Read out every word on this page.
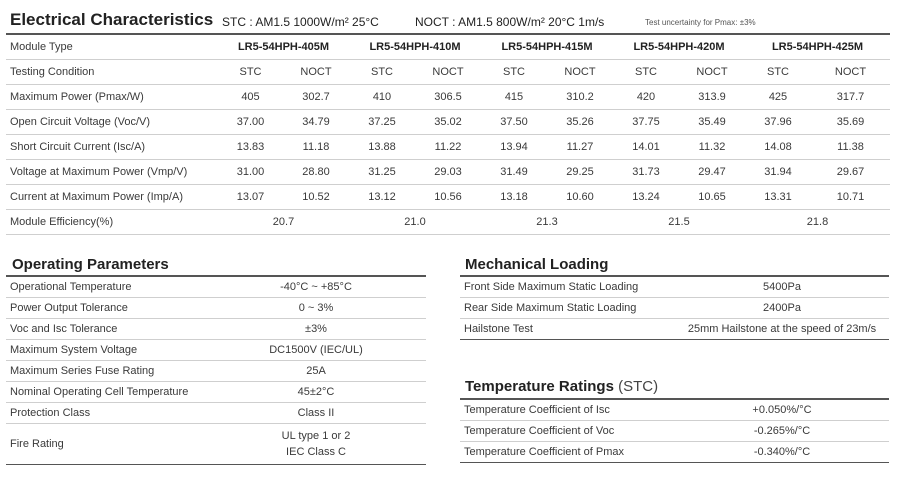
Electrical Characteristics STC : AM1.5 1000W/m² 25°C	NOCT : AM1.5 800W/m² 20°C 1m/s	Test uncertainty for Pmax: ±3%
Module Type	LR5-54HPH-405M		LR5-54HPH-410M		LR5-54HPH-415M		LR5-54HPH-420M		LR5-54HPH-425M	
Testing Condition	STC	NOCT	STC	NOCT	STC	NOCT	STC	NOCT	STC	NOCT
Maximum Power (Pmax/W)	405	302.7	410	306.5	415	310.2	420	313.9	425	317.7
Open Circuit Voltage (Voc/V)	37.00	34.79	37.25	35.02	37.50	35.26	37.75	35.49	37.96	35.69
Short Circuit Current (Isc/A)	13.83	11.18	13.88	11.22	13.94	11.27	14.01	11.32	14.08	11.38
Voltage at Maximum Power (Vmp/V)	31.00	28.80	31.25	29.03	31.49	29.25	31.73	29.47	31.94	29.67
Current at Maximum Power (Imp/A)	13.07	10.52	13.12	10.56	13.18	10.60	13.24	10.65	13.31	10.71
Module Efficiency(%)	20.7		21.0		21.3		21.5		21.8	
Operating Parameters
Operational Temperature	-40°C ~ +85°C
Power Output Tolerance	0 ~ 3%
Voc and Isc Tolerance	±3%
Maximum System Voltage	DC1500V (IEC/UL)
Maximum Series Fuse Rating	25A
Nominal Operating Cell Temperature	45±2°C
Protection Class	Class II
Fire Rating	UL type 1 or 2
IEC Class C
Mechanical Loading
Front Side Maximum Static Loading	5400Pa
Rear Side Maximum Static Loading	2400Pa
Hailstone Test	25mm Hailstone at the speed of 23m/s
Temperature Ratings (STC)
Temperature Coefficient of Isc	+0.050%/°C
Temperature Coefficient of Voc	-0.265%/°C
Temperature Coefficient of Pmax	-0.340%/°C
